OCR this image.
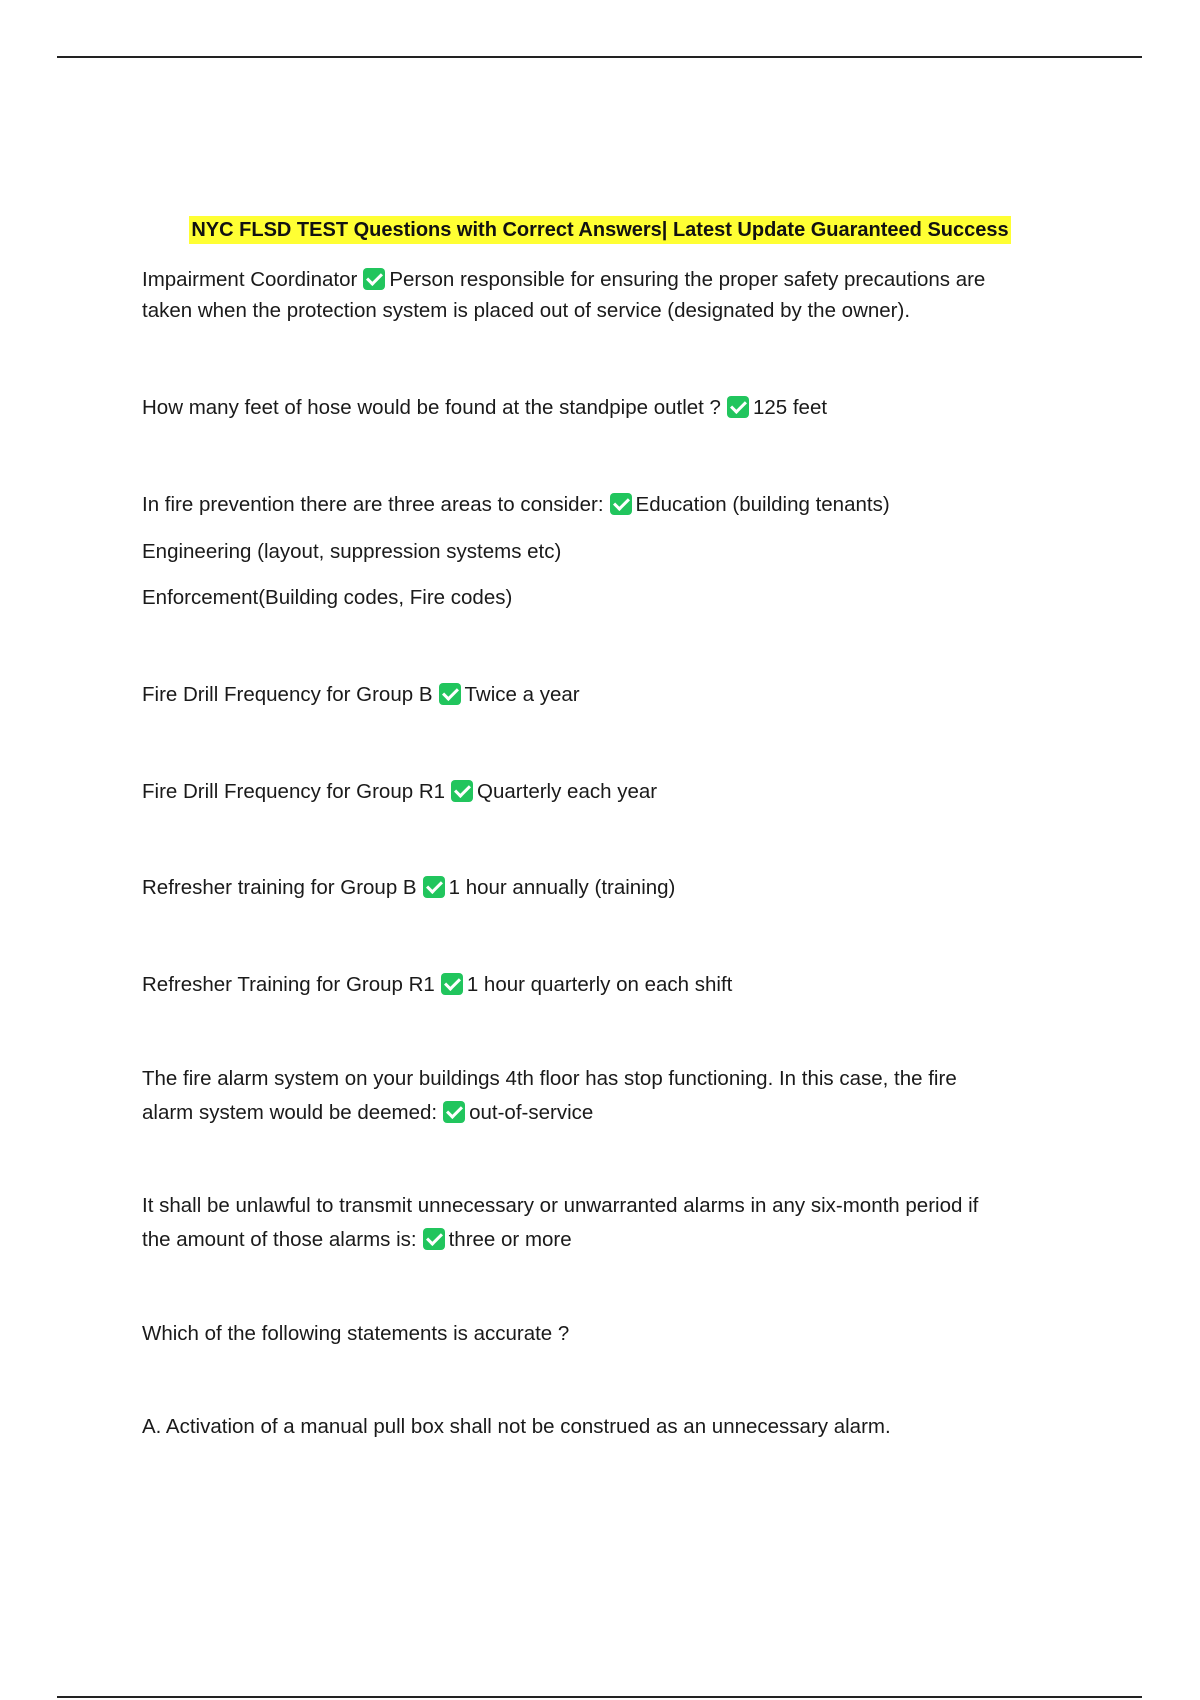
NYC FLSD TEST Questions with Correct Answers| Latest Update Guaranteed Success
Impairment Coordinator Person responsible for ensuring the proper safety precautions are
taken when the protection system is placed out of service (designated by the owner).
How many feet of hose would be found at the standpipe outlet ? 125 feet
In fire prevention there are three areas to consider: Education (building tenants)
Engineering (layout, suppression systems etc)
Enforcement(Building codes, Fire codes)
Fire Drill Frequency for Group B Twice a year
Fire Drill Frequency for Group R1 Quarterly each year
Refresher training for Group B 1 hour annually (training)
Refresher Training for Group R1 1 hour quarterly on each shift
The fire alarm system on your buildings 4th floor has stop functioning. In this case, the fire
alarm system would be deemed: out-of-service
It shall be unlawful to transmit unnecessary or unwarranted alarms in any six-month period if
the amount of those alarms is: three or more
Which of the following statements is accurate ?
A. Activation of a manual pull box shall not be construed as an unnecessary alarm.
